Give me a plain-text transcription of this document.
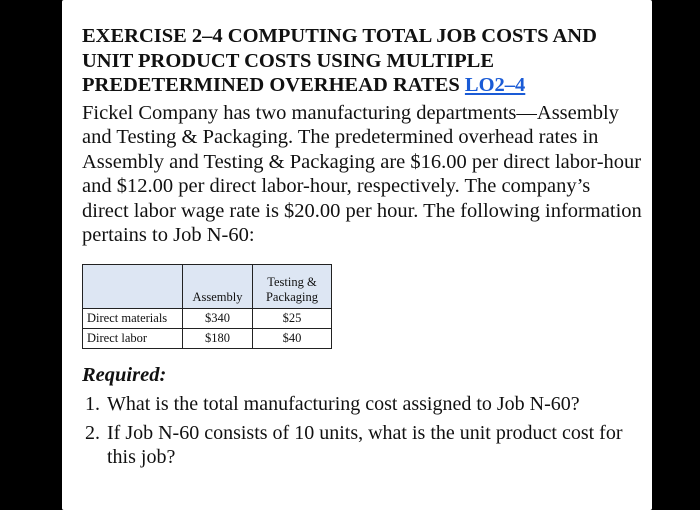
EXERCISE 2–4 COMPUTING TOTAL JOB COSTS AND UNIT PRODUCT COSTS USING MULTIPLE PREDETERMINED OVERHEAD RATES LO2–4
Fickel Company has two manufacturing departments—Assembly and Testing & Packaging. The predetermined overhead rates in Assembly and Testing & Packaging are $16.00 per direct labor-hour and $12.00 per direct labor-hour, respectively. The company’s direct labor wage rate is $20.00 per hour. The following information pertains to Job N-60:
	Assembly	Testing & Packaging
Direct materials	$340	$25
Direct labor	$180	$40
Required:
1. What is the total manufacturing cost assigned to Job N-60?
2. If Job N-60 consists of 10 units, what is the unit product cost for this job?
